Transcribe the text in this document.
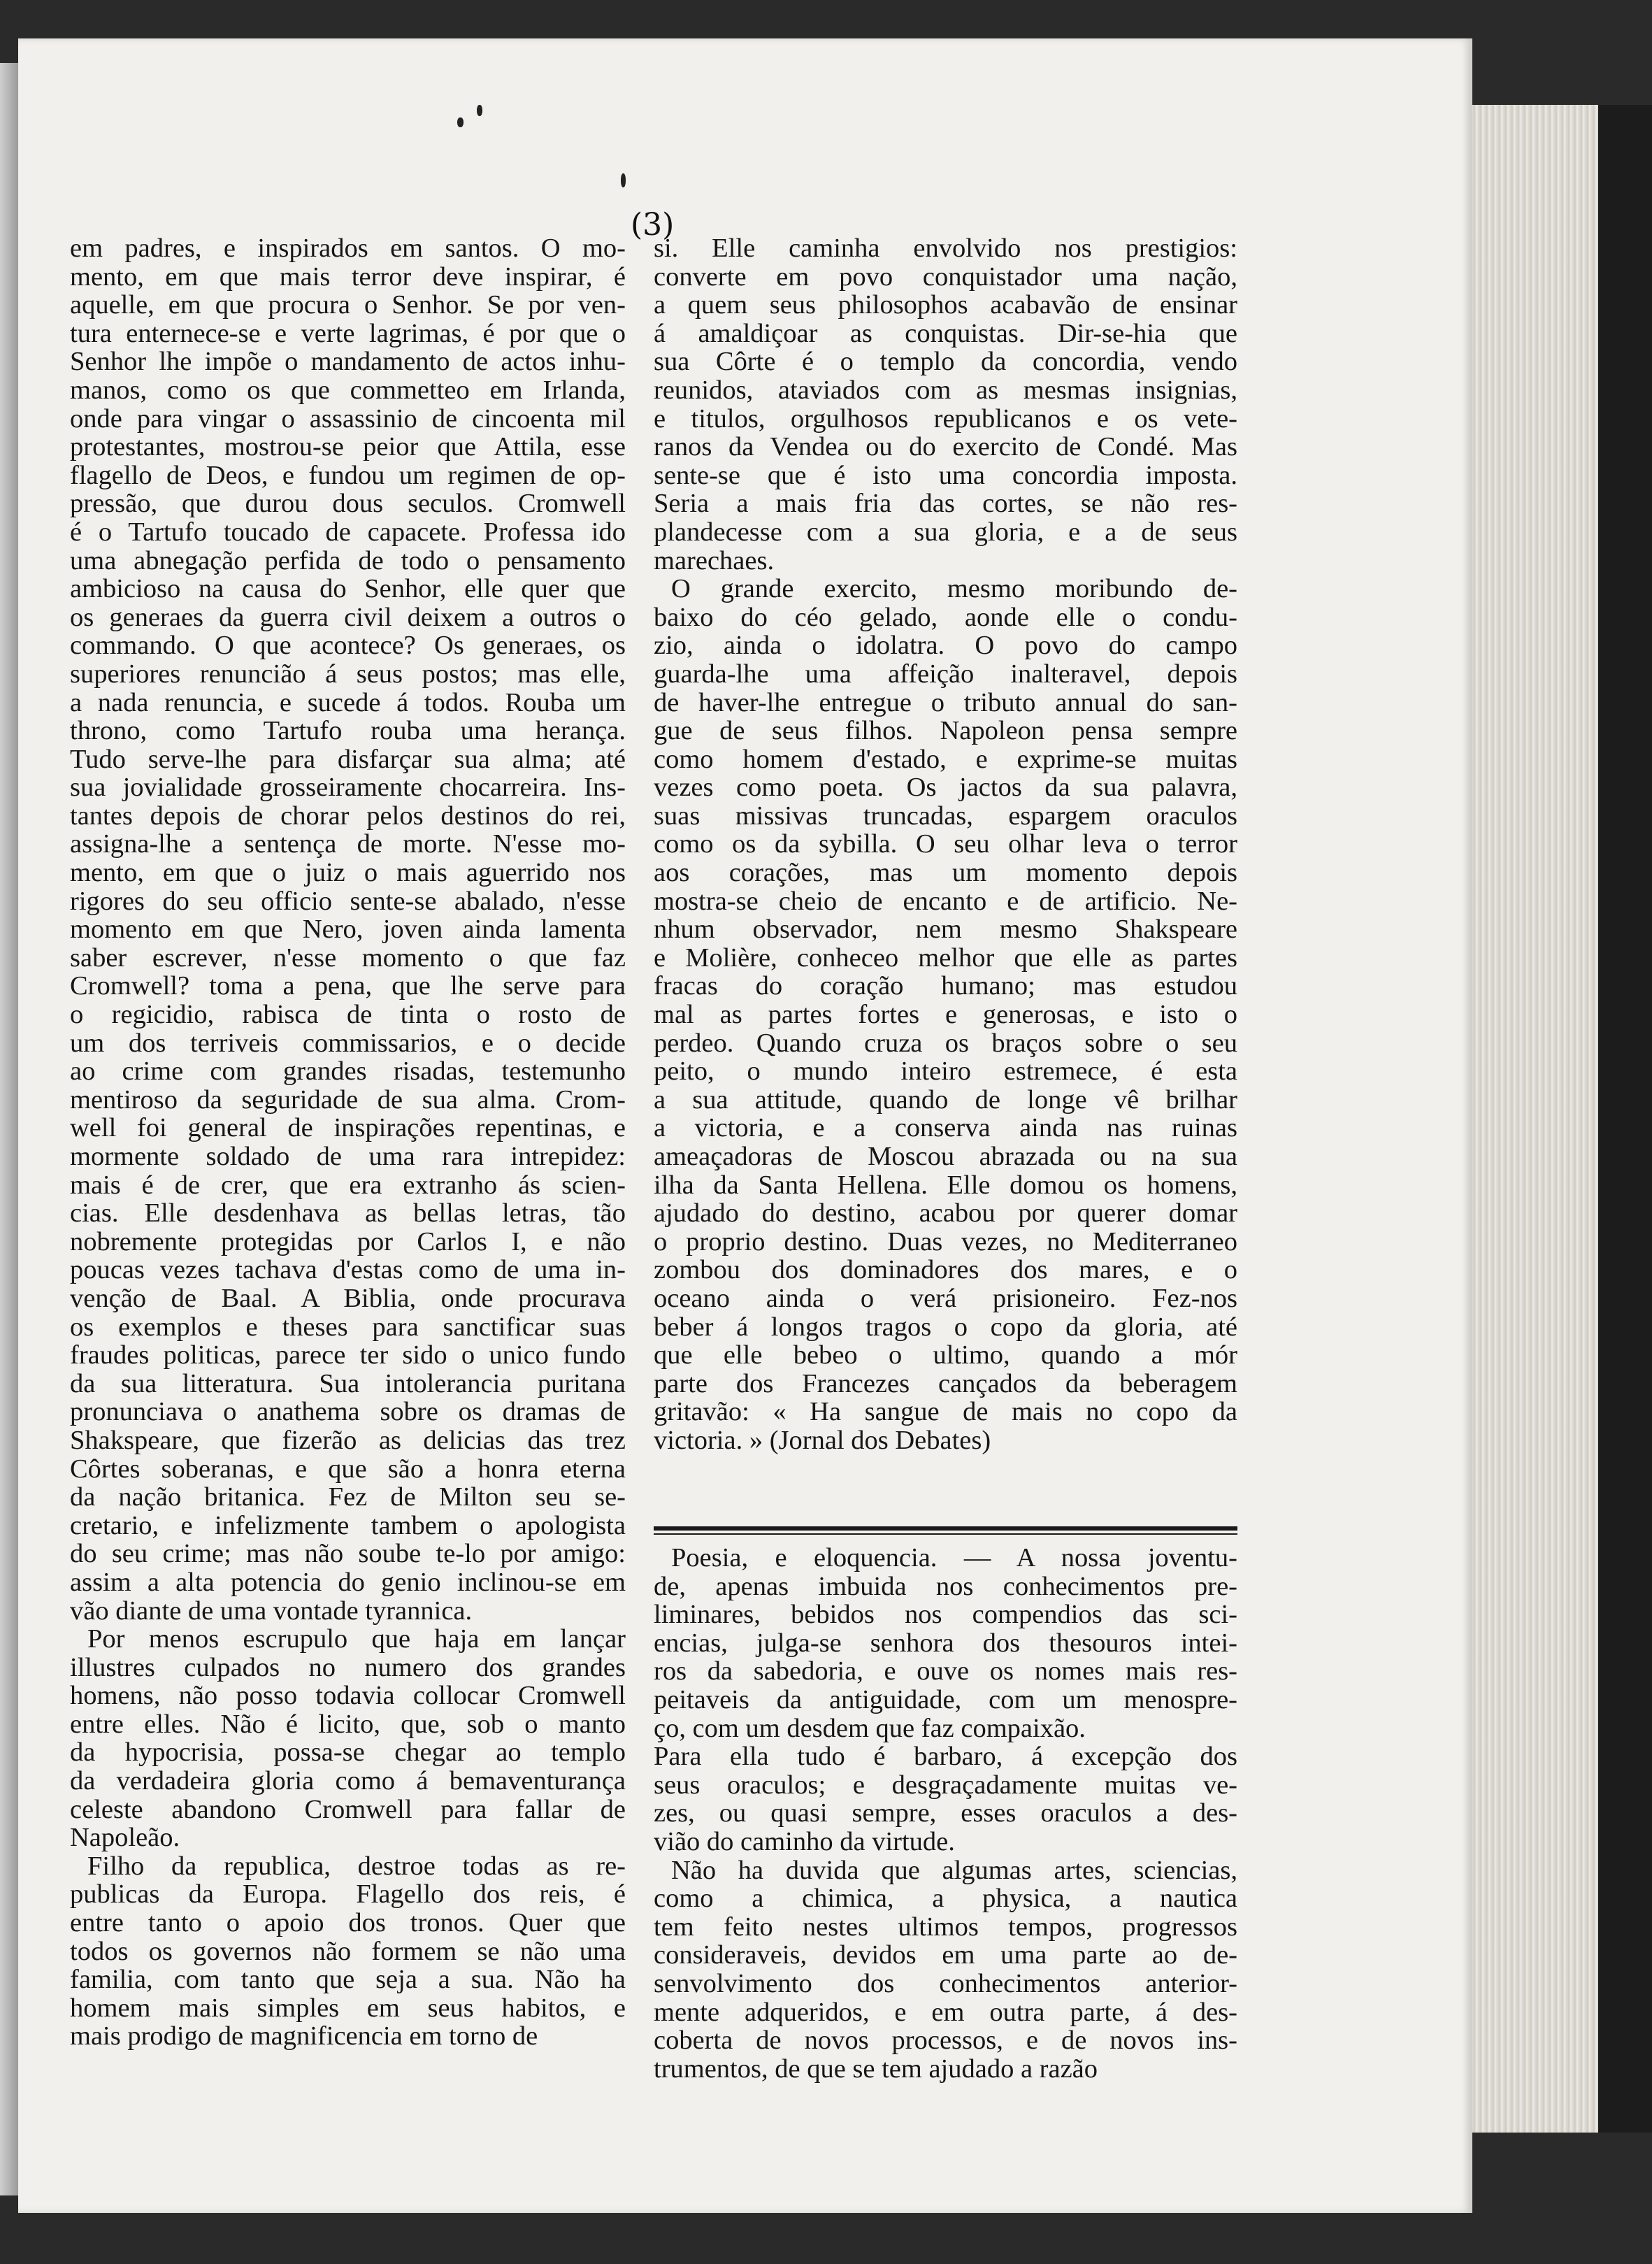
(3)
em padres, e inspirados em santos. O mo-
mento, em que mais terror deve inspirar, é
aquelle, em que procura o Senhor. Se por ven-
tura enternece-se e verte lagrimas, é por que o
Senhor lhe impõe o mandamento de actos inhu-
manos, como os que commetteo em Irlanda,
onde para vingar o assassinio de cincoenta mil
protestantes, mostrou-se peior que Attila, esse
flagello de Deos, e fundou um regimen de op-
pressão, que durou dous seculos. Cromwell
é o Tartufo toucado de capacete. Professa ido
uma abnegação perfida de todo o pensamento
ambicioso na causa do Senhor, elle quer que
os generaes da guerra civil deixem a outros o
commando. O que acontece? Os generaes, os
superiores renuncião á seus postos; mas elle,
a nada renuncia, e sucede á todos. Rouba um
throno, como Tartufo rouba uma herança.
Tudo serve-lhe para disfarçar sua alma; até
sua jovialidade grosseiramente chocarreira. Ins-
tantes depois de chorar pelos destinos do rei,
assigna-lhe a sentença de morte. N'esse mo-
mento, em que o juiz o mais aguerrido nos
rigores do seu officio sente-se abalado, n'esse
momento em que Nero, joven ainda lamenta
saber escrever, n'esse momento o que faz
Cromwell? toma a pena, que lhe serve para
o regicidio, rabisca de tinta o rosto de
um dos terriveis commissarios, e o decide
ao crime com grandes risadas, testemunho
mentiroso da seguridade de sua alma. Crom-
well foi general de inspirações repentinas, e
mormente soldado de uma rara intrepidez:
mais é de crer, que era extranho ás scien-
cias. Elle desdenhava as bellas letras, tão
nobremente protegidas por Carlos I, e não
poucas vezes tachava d'estas como de uma in-
venção de Baal. A Biblia, onde procurava
os exemplos e theses para sanctificar suas
fraudes politicas, parece ter sido o unico fundo
da sua litteratura. Sua intolerancia puritana
pronunciava o anathema sobre os dramas de
Shakspeare, que fizerão as delicias das trez
Côrtes soberanas, e que são a honra eterna
da nação britanica. Fez de Milton seu se-
cretario, e infelizmente tambem o apologista
do seu crime; mas não soube te-lo por amigo:
assim a alta potencia do genio inclinou-se em
vão diante de uma vontade tyrannica.
Por menos escrupulo que haja em lançar
illustres culpados no numero dos grandes
homens, não posso todavia collocar Cromwell
entre elles. Não é licito, que, sob o manto
da hypocrisia, possa-se chegar ao templo
da verdadeira gloria como á bemaventurança
celeste abandono Cromwell para fallar de
Napoleão.
Filho da republica, destroe todas as re-
publicas da Europa. Flagello dos reis, é
entre tanto o apoio dos tronos. Quer que
todos os governos não formem se não uma
familia, com tanto que seja a sua. Não ha
homem mais simples em seus habitos, e
mais prodigo de magnificencia em torno de
si. Elle caminha envolvido nos prestigios:
converte em povo conquistador uma nação,
a quem seus philosophos acabavão de ensinar
á amaldiçoar as conquistas. Dir-se-hia que
sua Côrte é o templo da concordia, vendo
reunidos, ataviados com as mesmas insignias,
e titulos, orgulhosos republicanos e os vete-
ranos da Vendea ou do exercito de Condé. Mas
sente-se que é isto uma concordia imposta.
Seria a mais fria das cortes, se não res-
plandecesse com a sua gloria, e a de seus
marechaes.
O grande exercito, mesmo moribundo de-
baixo do céo gelado, aonde elle o condu-
zio, ainda o idolatra. O povo do campo
guarda-lhe uma affeição inalteravel, depois
de haver-lhe entregue o tributo annual do san-
gue de seus filhos. Napoleon pensa sempre
como homem d'estado, e exprime-se muitas
vezes como poeta. Os jactos da sua palavra,
suas missivas truncadas, espargem oraculos
como os da sybilla. O seu olhar leva o terror
aos corações, mas um momento depois
mostra-se cheio de encanto e de artificio. Ne-
nhum observador, nem mesmo Shakspeare
e Molière, conheceo melhor que elle as partes
fracas do coração humano; mas estudou
mal as partes fortes e generosas, e isto o
perdeo. Quando cruza os braços sobre o seu
peito, o mundo inteiro estremece, é esta
a sua attitude, quando de longe vê brilhar
a victoria, e a conserva ainda nas ruinas
ameaçadoras de Moscou abrazada ou na sua
ilha da Santa Hellena. Elle domou os homens,
ajudado do destino, acabou por querer domar
o proprio destino. Duas vezes, no Mediterraneo
zombou dos dominadores dos mares, e o
oceano ainda o verá prisioneiro. Fez-nos
beber á longos tragos o copo da gloria, até
que elle bebeo o ultimo, quando a mór
parte dos Francezes cançados da beberagem
gritavão: « Ha sangue de mais no copo da
victoria. » (Jornal dos Debates)
Poesia, e eloquencia. — A nossa joventu-
de, apenas imbuida nos conhecimentos pre-
liminares, bebidos nos compendios das sci-
encias, julga-se senhora dos thesouros intei-
ros da sabedoria, e ouve os nomes mais res-
peitaveis da antiguidade, com um menospre-
ço, com um desdem que faz compaixão.
Para ella tudo é barbaro, á excepção dos
seus oraculos; e desgraçadamente muitas ve-
zes, ou quasi sempre, esses oraculos a des-
vião do caminho da virtude.
Não ha duvida que algumas artes, sciencias,
como a chimica, a physica, a nautica
tem feito nestes ultimos tempos, progressos
consideraveis, devidos em uma parte ao de-
senvolvimento dos conhecimentos anterior-
mente adqueridos, e em outra parte, á des-
coberta de novos processos, e de novos ins-
trumentos, de que se tem ajudado a razão
